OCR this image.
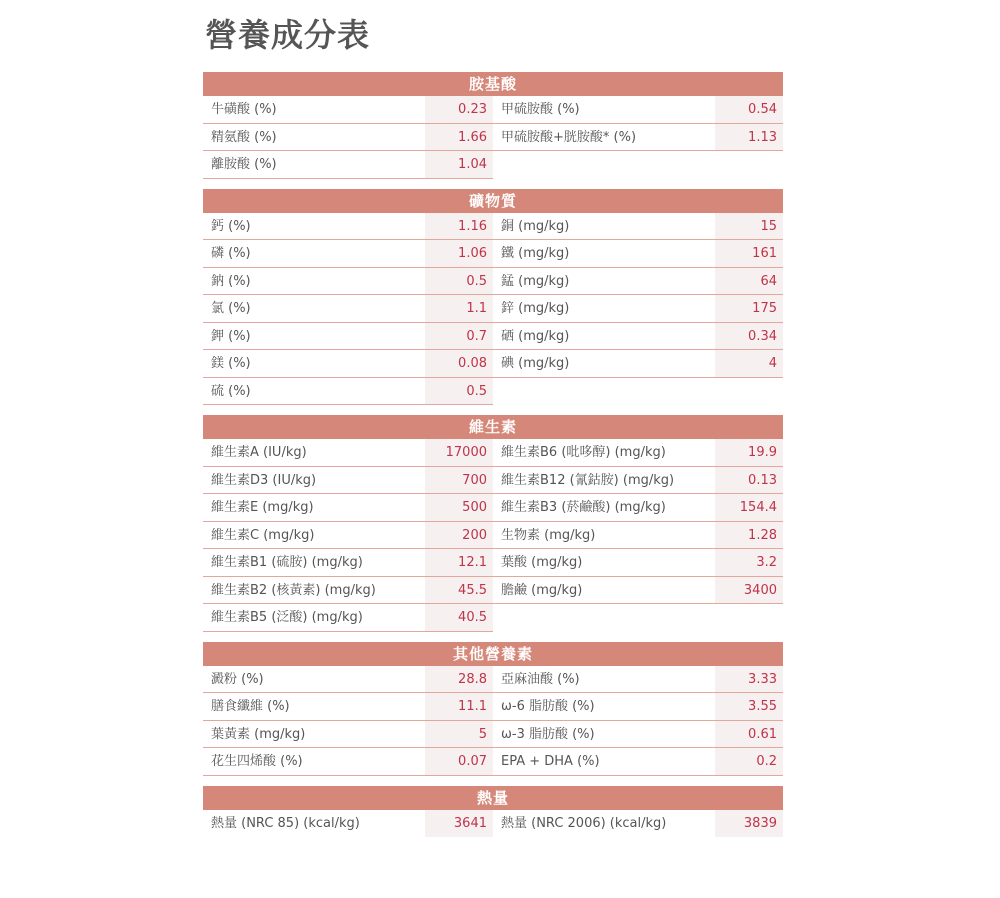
營養成分表
胺基酸
牛磺酸 (%)	0.23	甲硫胺酸 (%)	0.54
精氨酸 (%)	1.66	甲硫胺酸+胱胺酸* (%)	1.13
離胺酸 (%)	1.04
礦物質
鈣 (%)	1.16	銅 (mg/kg)	15
磷 (%)	1.06	鐵 (mg/kg)	161
鈉 (%)	0.5	錳 (mg/kg)	64
氯 (%)	1.1	鋅 (mg/kg)	175
鉀 (%)	0.7	硒 (mg/kg)	0.34
鎂 (%)	0.08	碘 (mg/kg)	4
硫 (%)	0.5
維生素
維生素A (IU/kg)	17000	維生素B6 (吡哆醇) (mg/kg)	19.9
維生素D3 (IU/kg)	700	維生素B12 (氰鈷胺) (mg/kg)	0.13
維生素E (mg/kg)	500	維生素B3 (菸鹼酸) (mg/kg)	154.4
維生素C (mg/kg)	200	生物素 (mg/kg)	1.28
維生素B1 (硫胺) (mg/kg)	12.1	葉酸 (mg/kg)	3.2
維生素B2 (核黃素) (mg/kg)	45.5	膽鹼 (mg/kg)	3400
維生素B5 (泛酸) (mg/kg)	40.5
其他營養素
澱粉 (%)	28.8	亞麻油酸 (%)	3.33
膳食纖維 (%)	11.1	ω-6 脂肪酸 (%)	3.55
葉黃素 (mg/kg)	5	ω-3 脂肪酸 (%)	0.61
花生四烯酸 (%)	0.07	EPA + DHA (%)	0.2
熱量
熱量 (NRC 85) (kcal/kg)	3641	熱量 (NRC 2006) (kcal/kg)	3839
